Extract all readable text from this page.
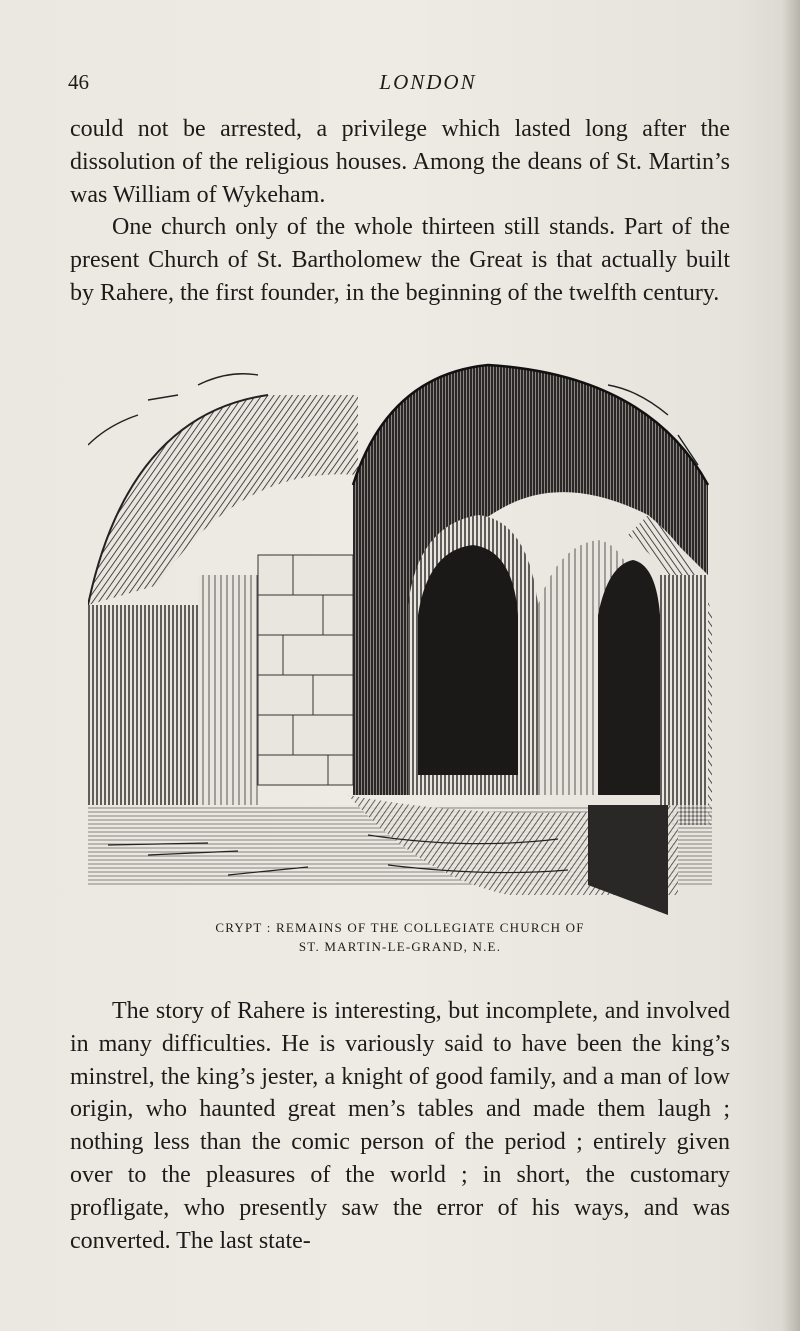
46	LONDON

could not be arrested, a privilege which lasted long after the dissolution of the religious houses. Among the deans of St. Martin’s was William of Wykeham.

One church only of the whole thirteen still stands. Part of the present Church of St. Bartholomew the Great is that actually built by Rahere, the first founder, in the beginning of the twelfth century.

CRYPT : REMAINS OF THE COLLEGIATE CHURCH OF
ST. MARTIN-LE-GRAND, N.E.

The story of Rahere is interesting, but incomplete, and involved in many difficulties. He is variously said to have been the king’s minstrel, the king’s jester, a knight of good family, and a man of low origin, who haunted great men’s tables and made them laugh ; nothing less than the comic person of the period ; entirely given over to the pleasures of the world ; in short, the customary profligate, who presently saw the error of his ways, and was converted. The last state-
